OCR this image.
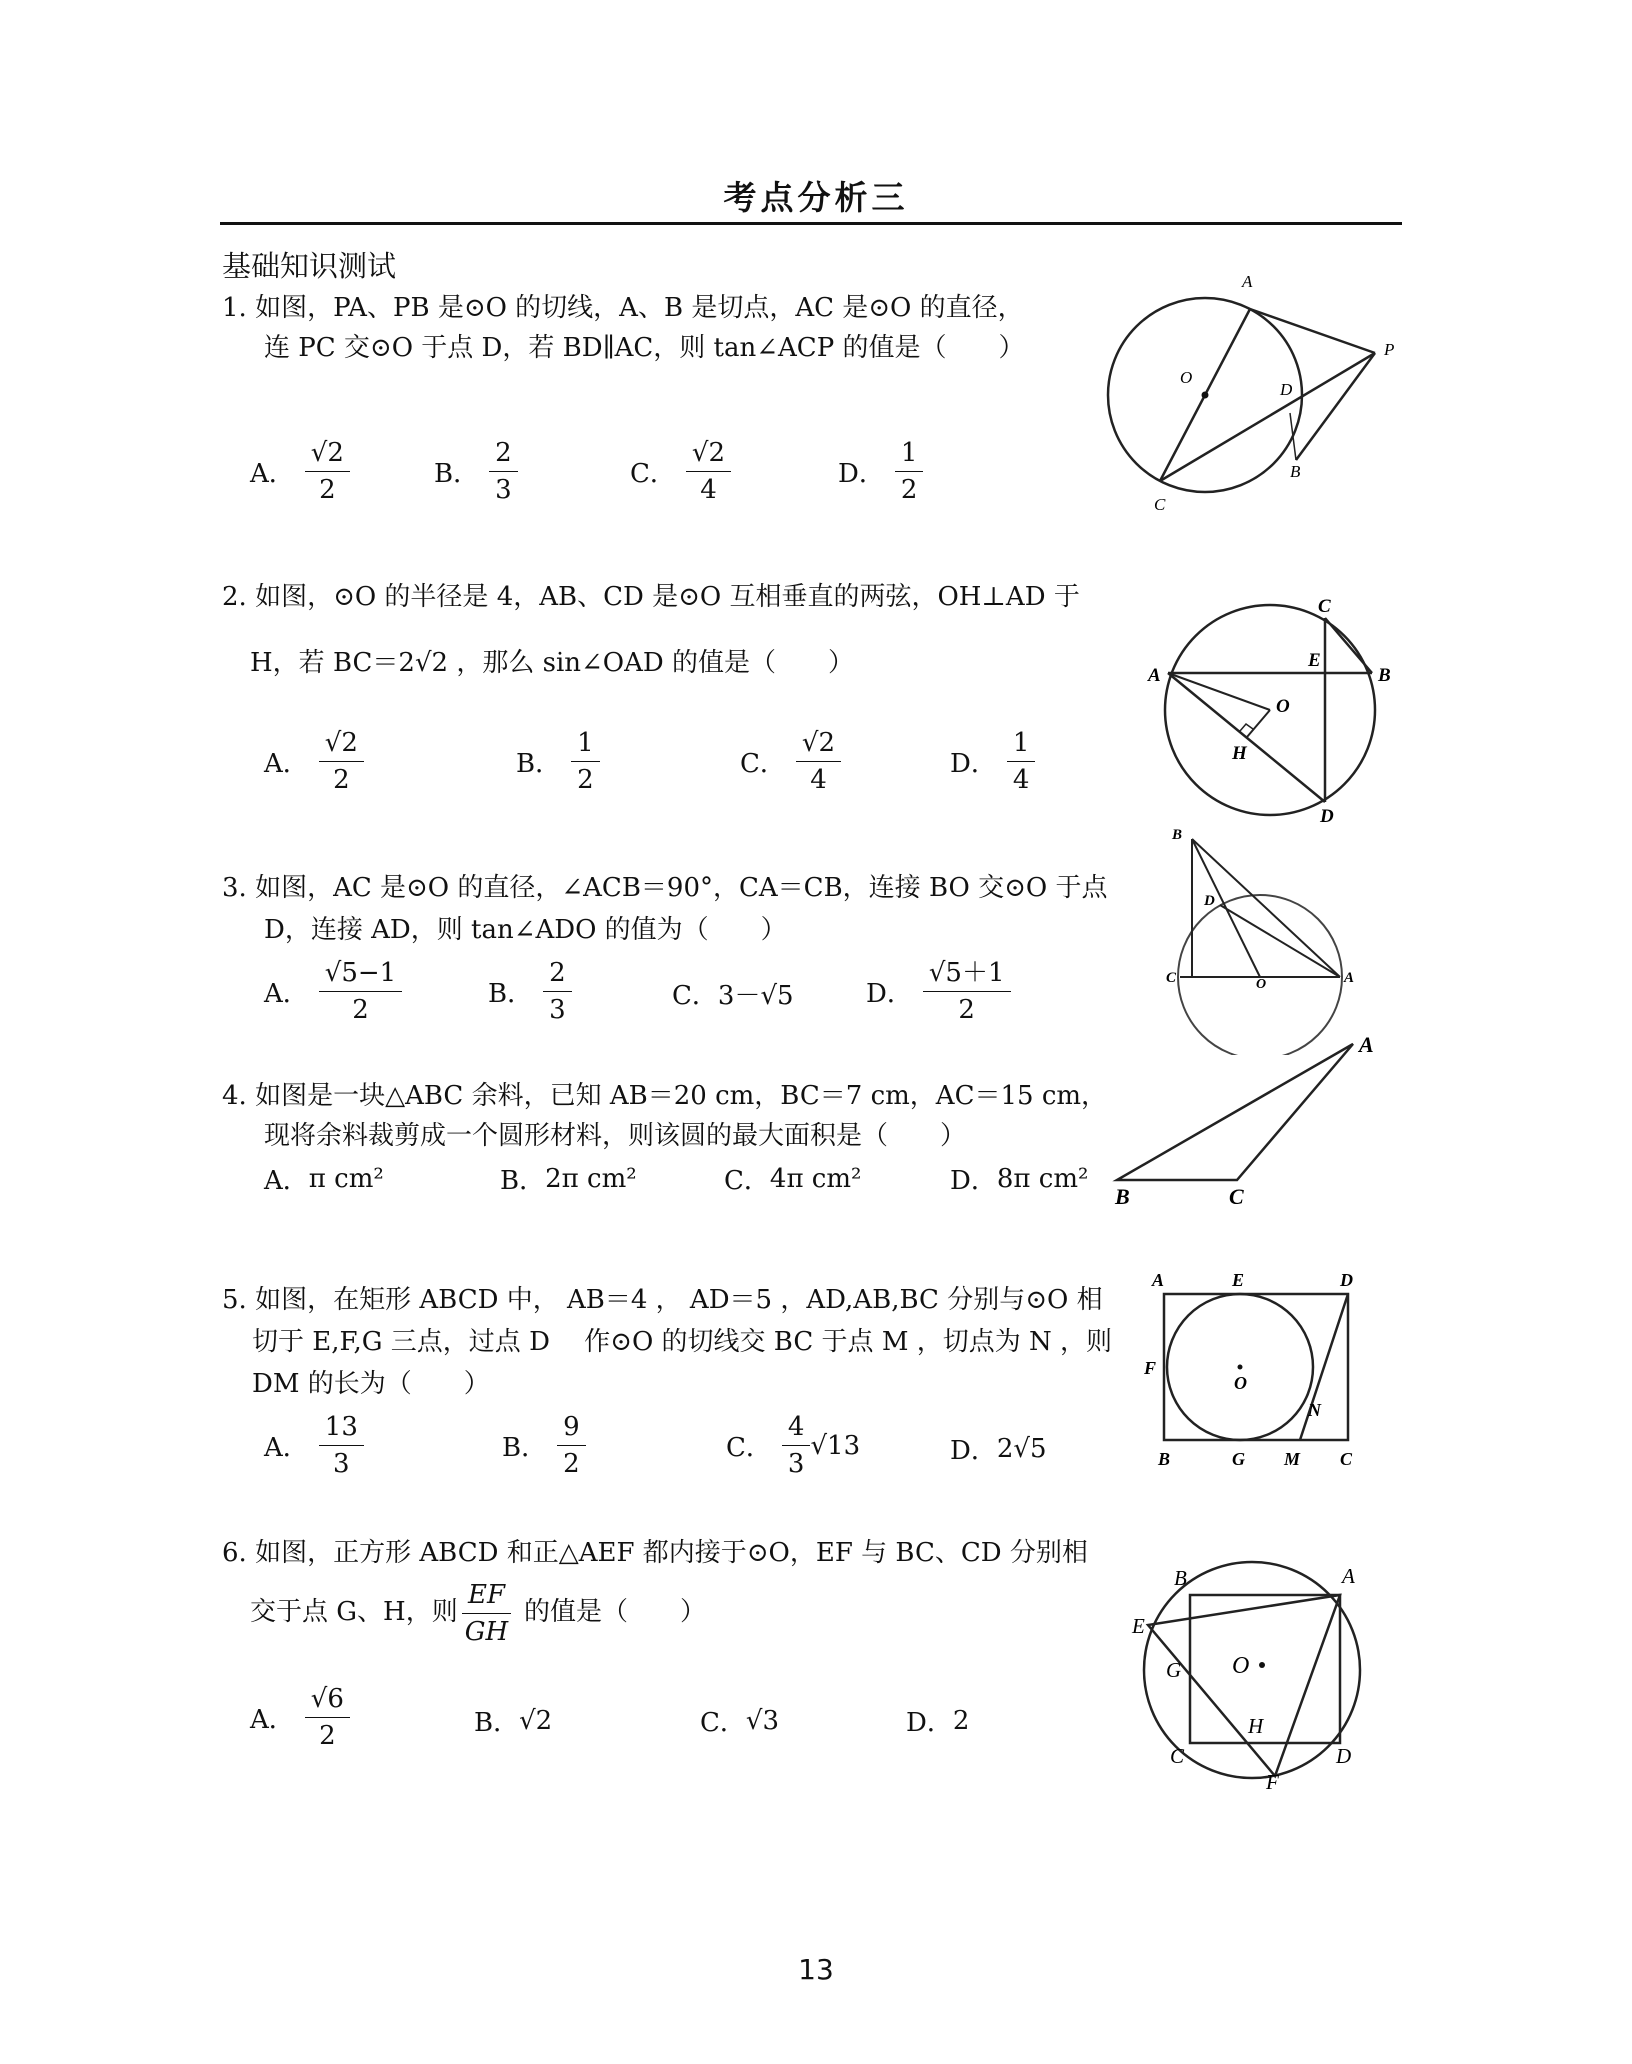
考点分析三
基础知识测试
1. 如图，PA、PB 是⊙O 的切线，A、B 是切点，AC 是⊙O 的直径，
连 PC 交⊙O 于点 D，若 BD∥AC，则 tan∠ACP 的值是（　　）
A． $\frac{√2}{2}$	B． $\frac{2}{3}$	C． $\frac{√2}{4}$	D． $\frac{1}{2}$
A
O
D
P
B
C
2. 如图，⊙O 的半径是 4，AB、CD 是⊙O 互相垂直的两弦，OH⊥AD 于
H，若 BC＝2√2 ，那么 sin∠OAD 的值是（　　）
A． $\frac{√2}{2}$	B． $\frac{1}{2}$	C． $\frac{√2}{4}$	D． $\frac{1}{4}$
C
A
E
B
O
H
D
3. 如图，AC 是⊙O 的直径，∠ACB＝90°，CA＝CB，连接 BO 交⊙O 于点
D，连接 AD，则 tan∠ADO 的值为（　　）
A． $\frac{√5-1}{2}$	B． $\frac{2}{3}$	C． 3－√5	D． $\frac{√5+1}{2}$
B
D
C	O	A
4. 如图是一块△ABC 余料，已知 AB＝20 cm，BC＝7 cm，AC＝15 cm，
现将余料裁剪成一个圆形材料，则该圆的最大面积是（　　）
A． π cm²	B． 2π cm²	C． 4π cm²	D． 8π cm²
A
B	C
5. 如图，在矩形 ABCD 中， AB＝4 ， AD＝5 ，AD,AB,BC 分别与⊙O 相
切于 E,F,G 三点，过点 D 　作⊙O 的切线交 BC 于点 M ，切点为 N ，则
DM 的长为（　　）
A． $\frac{13}{3}$	B． $\frac{9}{2}$	C． $\frac{4}{3} √13$	D． 2√5
A	E	D
F
O
N
B	G M C
6. 如图，正方形 ABCD 和正△AEF 都内接于⊙O，EF 与 BC、CD 分别相
交于点 G、H，则 $\frac{EF}{GH}$ 的值是（　　）
A． $\frac{√6}{2}$	B． √2	C． √3	D． 2
B	A
E
G O
H
C	D
F
13
